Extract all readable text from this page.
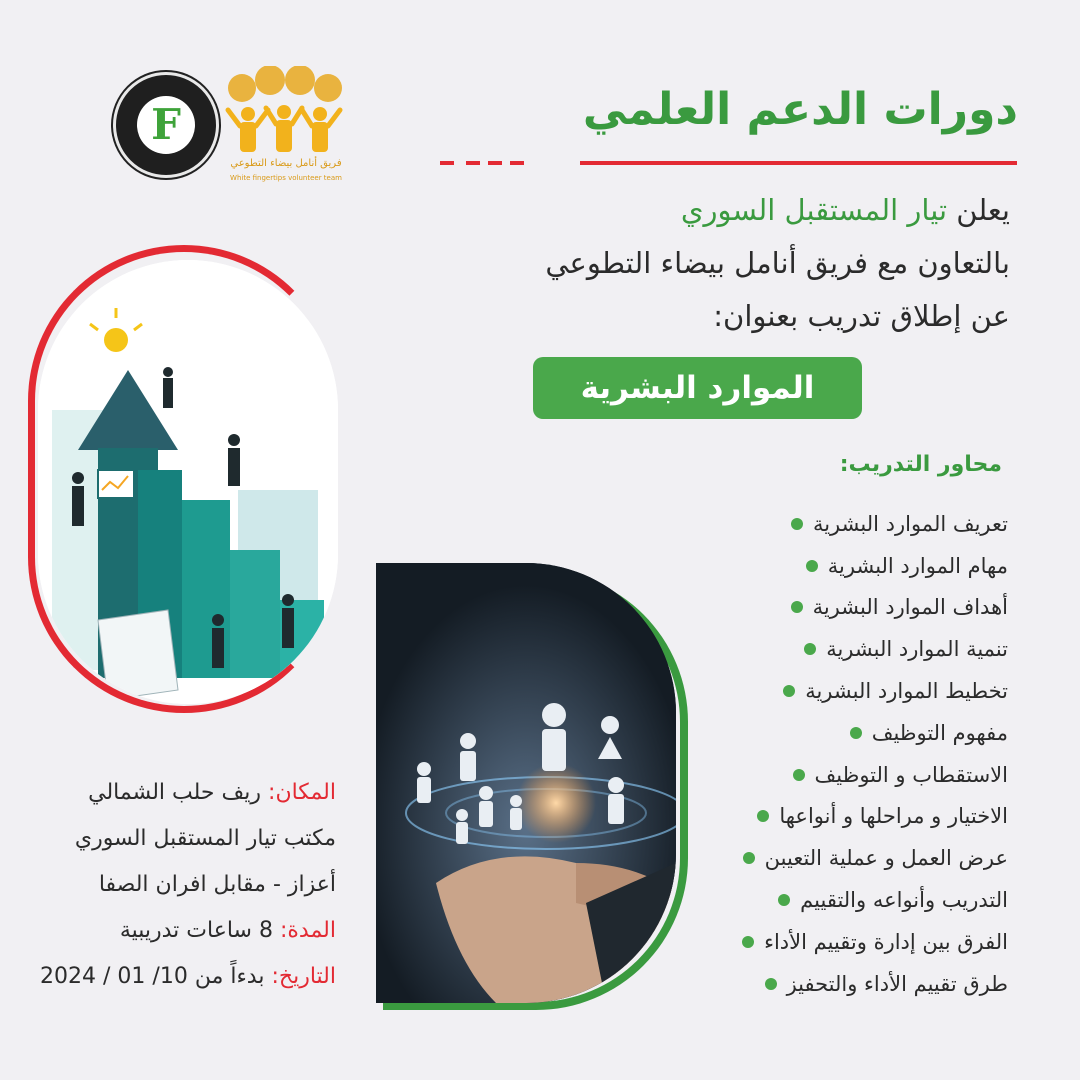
F
فريق أنامل بيضاء التطوعي
White fingertips volunteer team
دورات الدعم العلمي
يعلن تيار المستقبل السوري
بالتعاون مع فريق أنامل بيضاء التطوعي
عن إطلاق تدريب بعنوان:
الموارد البشرية
محاور التدريب:
تعريف الموارد البشرية
مهام الموارد البشرية
أهداف الموارد البشرية
تنمية الموارد البشرية
تخطيط الموارد البشرية
مفهوم التوظيف
الاستقطاب و التوظيف
الاختيار و مراحلها و أنواعها
عرض العمل و عملية التعيبن
التدريب وأنواعه والتقييم
الفرق بين إدارة وتقييم الأداء
طرق تقييم الأداء والتحفيز
المكان: ريف حلب الشمالي
مكتب تيار المستقبل السوري
أعزاز - مقابل افران الصفا
المدة: 8 ساعات تدريبية
التاريخ: بدءاً من 10/ 01 / 2024
